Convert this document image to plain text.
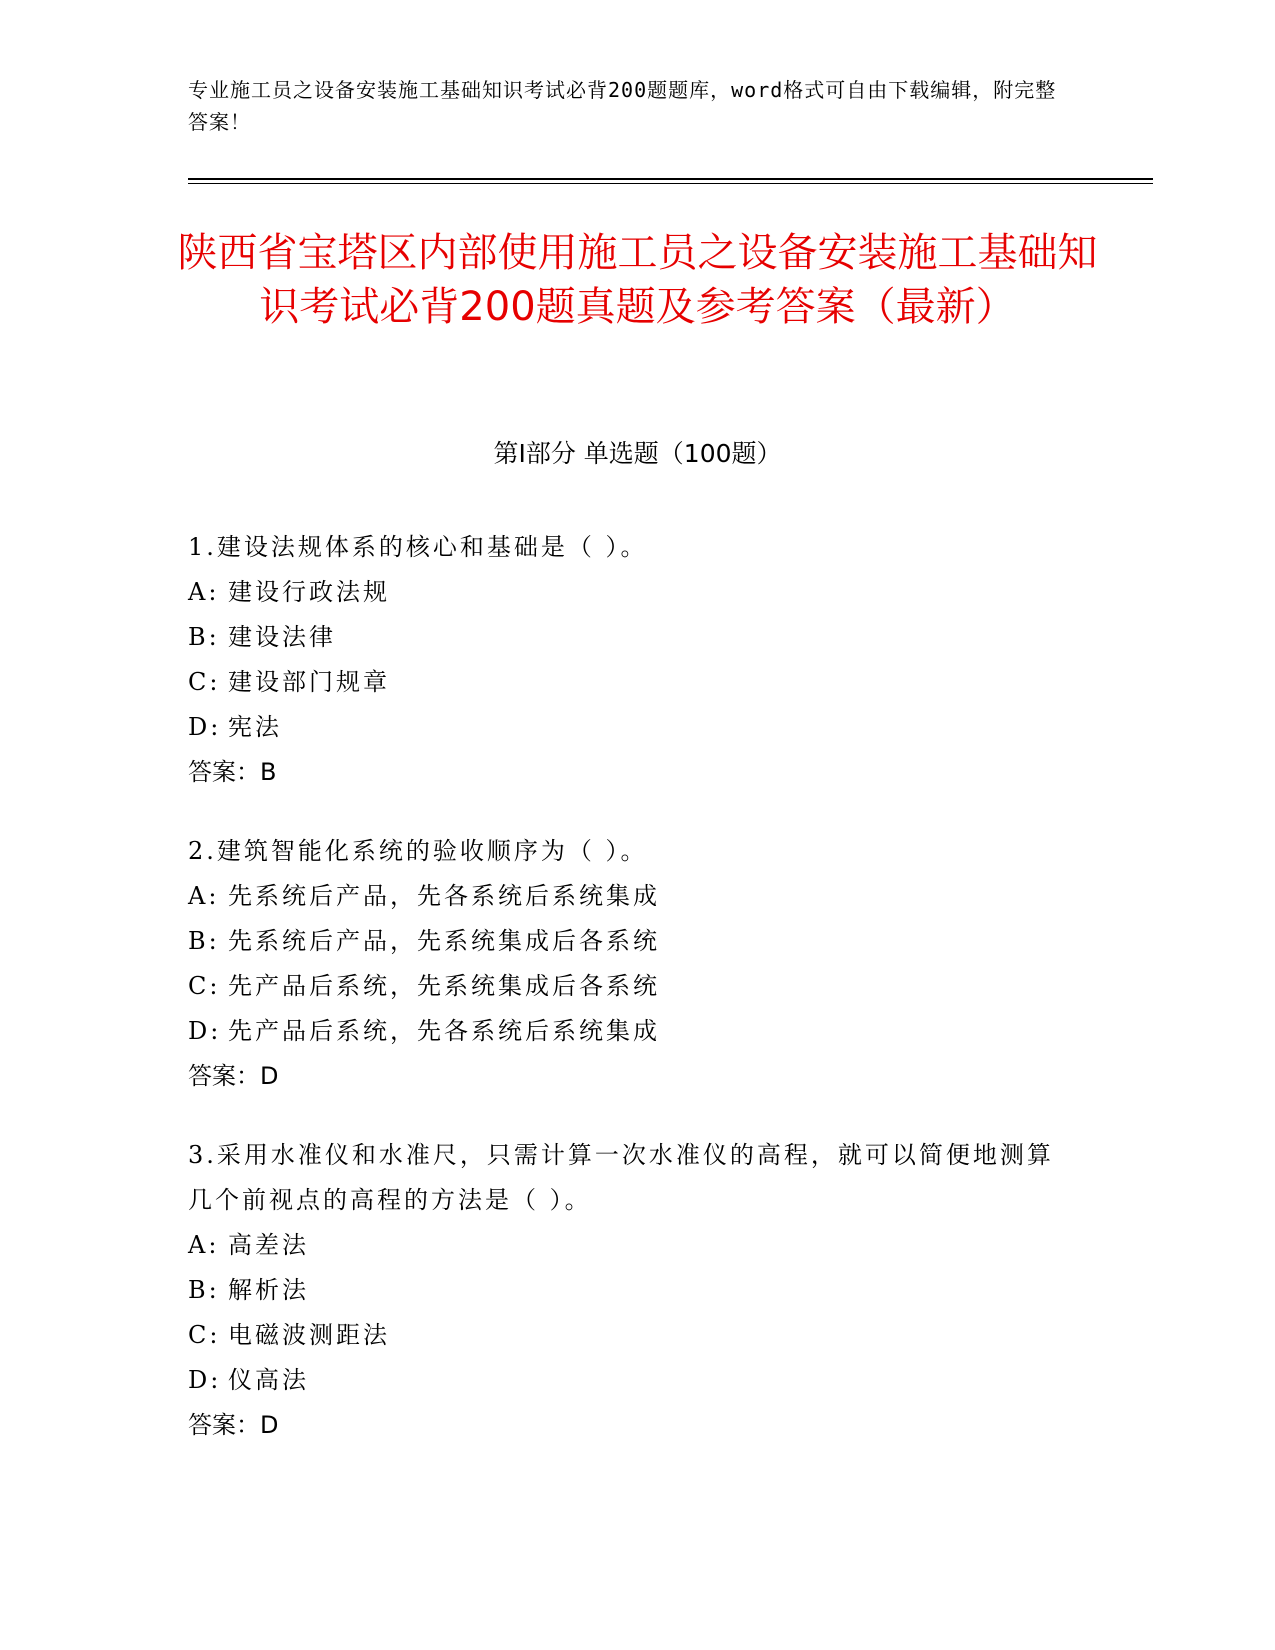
专业施工员之设备安装施工基础知识考试必背200题题库，word格式可自由下载编辑，附完整答案！
陕西省宝塔区内部使用施工员之设备安装施工基础知识考试必背200题真题及参考答案（最新）
第Ⅰ部分 单选题（100题）
1.建设法规体系的核心和基础是（ ）。
A: 建设行政法规
B: 建设法律
C: 建设部门规章
D: 宪法
答案：B
2.建筑智能化系统的验收顺序为（ ）。
A: 先系统后产品，先各系统后系统集成
B: 先系统后产品，先系统集成后各系统
C: 先产品后系统，先系统集成后各系统
D: 先产品后系统，先各系统后系统集成
答案：D
3.采用水准仪和水准尺，只需计算一次水准仪的高程，就可以简便地测算几个前视点的高程的方法是（ ）。
A: 高差法
B: 解析法
C: 电磁波测距法
D: 仪高法
答案：D
